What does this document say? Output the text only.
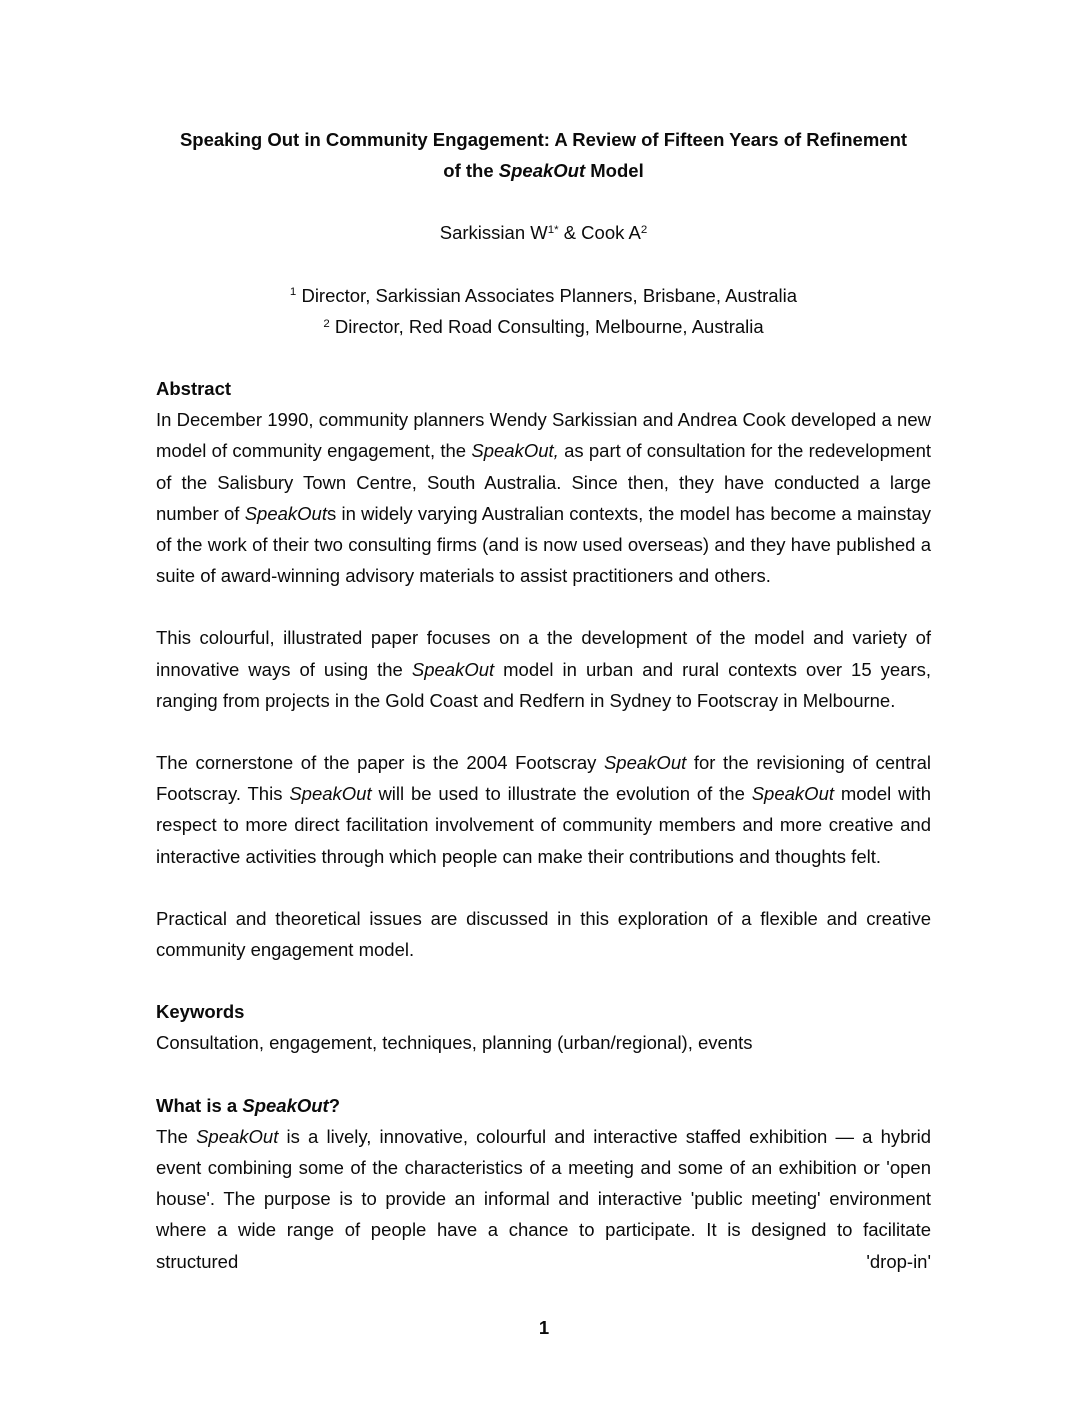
Speaking Out in Community Engagement: A Review of Fifteen Years of Refinement
of the SpeakOut Model

Sarkissian $W^{1*}$ & Cook $A^2$

$^1$ Director, Sarkissian Associates Planners, Brisbane, Australia

$^2$ Director, Red Road Consulting, Melbourne, Australia

Abstract

In December 1990, community planners Wendy Sarkissian and Andrea Cook developed a new model of community engagement, the SpeakOut, as part of consultation for the redevelopment of the Salisbury Town Centre, South Australia. Since then, they have conducted a large number of SpeakOuts in widely varying Australian contexts, the model has become a mainstay of the work of their two consulting firms (and is now used overseas) and they have published a suite of award-winning advisory materials to assist practitioners and others.

This colourful, illustrated paper focuses on a the development of the model and variety of innovative ways of using the SpeakOut model in urban and rural contexts over 15 years, ranging from projects in the Gold Coast and Redfern in Sydney to Footscray in Melbourne.

The cornerstone of the paper is the 2004 Footscray SpeakOut for the revisioning of central Footscray. This SpeakOut will be used to illustrate the evolution of the SpeakOut model with respect to more direct facilitation involvement of community members and more creative and interactive activities through which people can make their contributions and thoughts felt.

Practical and theoretical issues are discussed in this exploration of a flexible and creative community engagement model.

Keywords

Consultation, engagement, techniques, planning (urban/regional), events

What is a SpeakOut?

The SpeakOut is a lively, innovative, colourful and interactive staffed exhibition — a hybrid event combining some of the characteristics of a meeting and some of an exhibition or 'open house'. The purpose is to provide an informal and interactive 'public meeting' environment where a wide range of people have a chance to participate. It is designed to facilitate structured 'drop-in'

1
